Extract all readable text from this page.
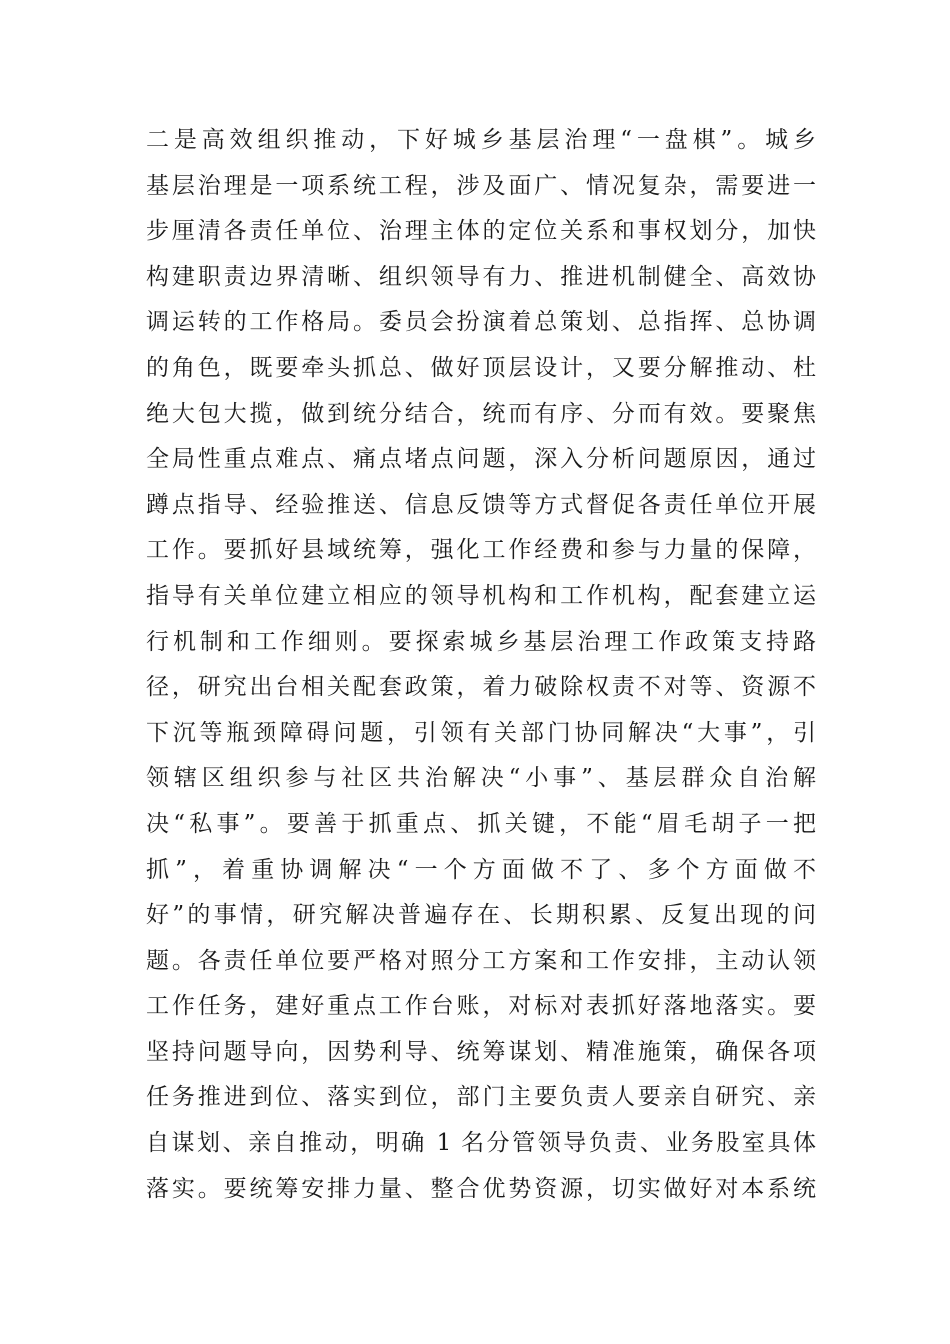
二是高效组织推动，下好城乡基层治理“一盘棋”。城乡
基层治理是一项系统工程，涉及面广、情况复杂，需要进一
步厘清各责任单位、治理主体的定位关系和事权划分，加快
构建职责边界清晰、组织领导有力、推进机制健全、高效协
调运转的工作格局。委员会扮演着总策划、总指挥、总协调
的角色，既要牵头抓总、做好顶层设计，又要分解推动、杜
绝大包大揽，做到统分结合，统而有序、分而有效。要聚焦
全局性重点难点、痛点堵点问题，深入分析问题原因，通过
蹲点指导、经验推送、信息反馈等方式督促各责任单位开展
工作。要抓好县域统筹，强化工作经费和参与力量的保障，
指导有关单位建立相应的领导机构和工作机构，配套建立运
行机制和工作细则。要探索城乡基层治理工作政策支持路
径，研究出台相关配套政策，着力破除权责不对等、资源不
下沉等瓶颈障碍问题，引领有关部门协同解决“大事”，引
领辖区组织参与社区共治解决“小事”、基层群众自治解
决“私事”。要善于抓重点、抓关键，不能“眉毛胡子一把
抓”，着重协调解决“一个方面做不了、多个方面做不
好”的事情，研究解决普遍存在、长期积累、反复出现的问
题。各责任单位要严格对照分工方案和工作安排，主动认领
工作任务，建好重点工作台账，对标对表抓好落地落实。要
坚持问题导向，因势利导、统筹谋划、精准施策，确保各项
任务推进到位、落实到位，部门主要负责人要亲自研究、亲
自谋划、亲自推动，明确 1 名分管领导负责、业务股室具体
落实。要统筹安排力量、整合优势资源，切实做好对本系统
